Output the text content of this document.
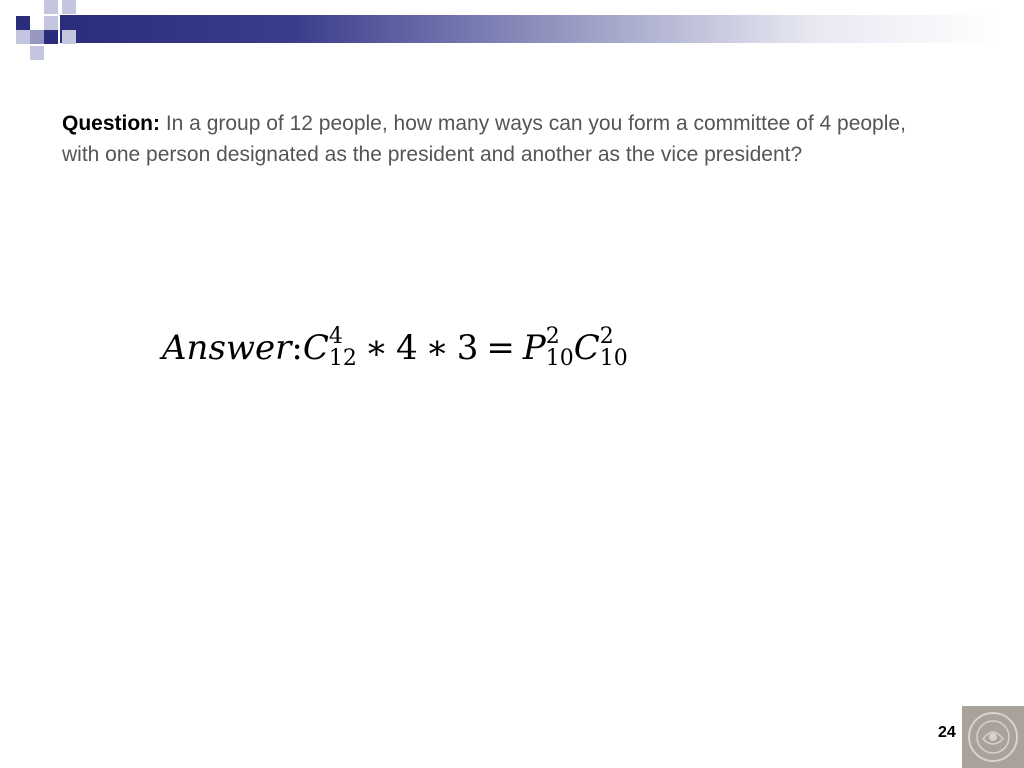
Question: In a group of 12 people, how many ways can you form a committee of 4 people, with one person designated as the president and another as the vice president?
Answer:C 4
12 ∗ 4 ∗ 3 = P 2
10 C 2
10
24
